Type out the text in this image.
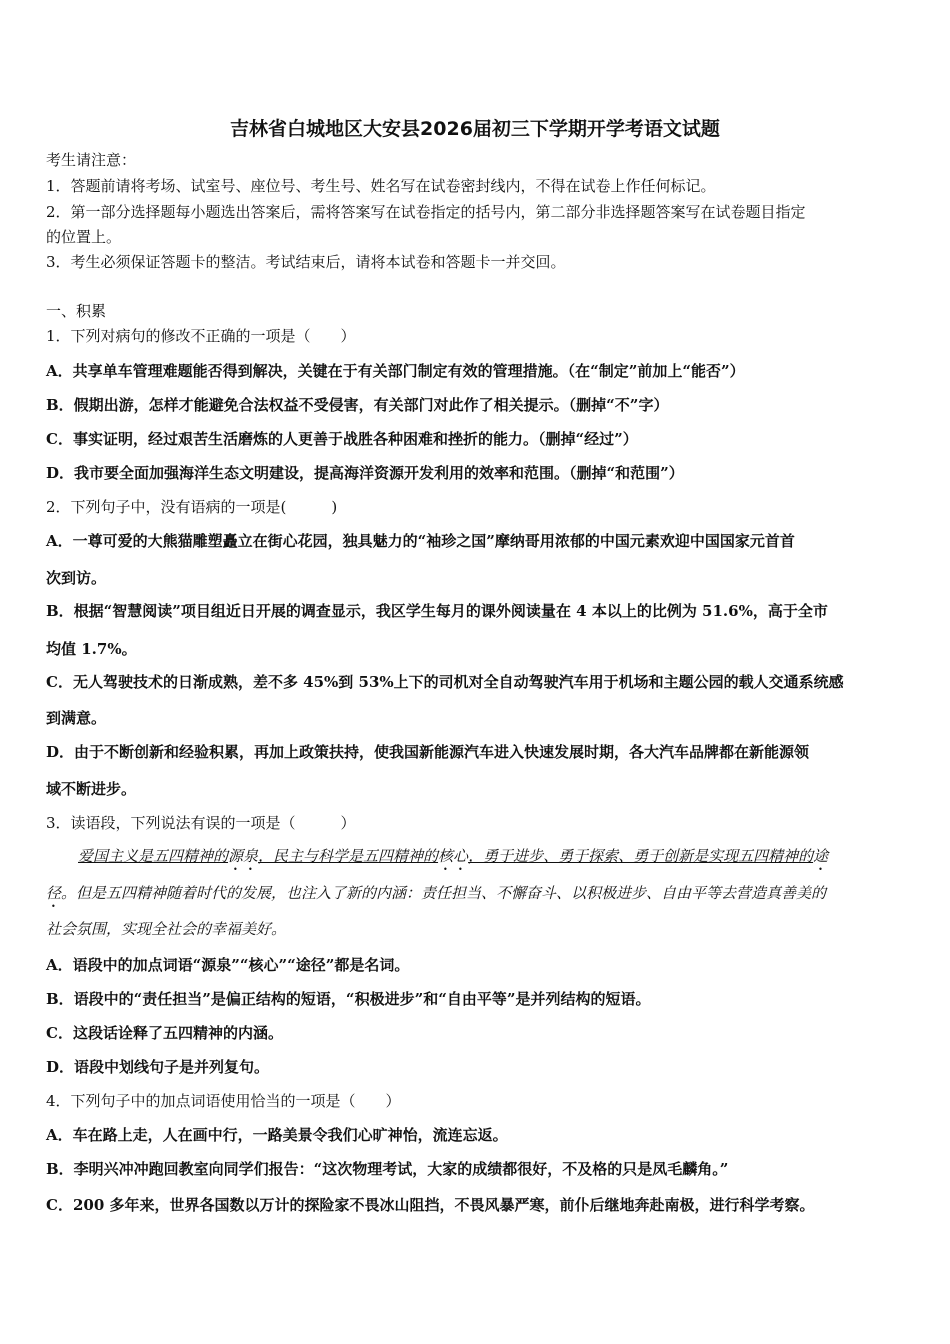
吉林省白城地区大安县2026届初三下学期开学考语文试题
考生请注意：
1．答题前请将考场、试室号、座位号、考生号、姓名写在试卷密封线内，不得在试卷上作任何标记。
2．第一部分选择题每小题选出答案后，需将答案写在试卷指定的括号内，第二部分非选择题答案写在试卷题目指定
的位置上。
3．考生必须保证答题卡的整洁。考试结束后，请将本试卷和答题卡一并交回。
一、积累
1．下列对病句的修改不正确的一项是（　　）
A．共享单车管理难题能否得到解决，关键在于有关部门制定有效的管理措施。（在“制定”前加上“能否”）
B．假期出游，怎样才能避免合法权益不受侵害，有关部门对此作了相关提示。（删掉“不”字）
C．事实证明，经过艰苦生活磨炼的人更善于战胜各种困难和挫折的能力。（删掉“经过”）
D．我市要全面加强海洋生态文明建设，提高海洋资源开发利用的效率和范围。（删掉“和范围”）
2．下列句子中，没有语病的一项是(　　　)
A．一尊可爱的大熊猫雕塑矗立在街心花园，独具魅力的“袖珍之国”摩纳哥用浓郁的中国元素欢迎中国国家元首首
次到访。
B．根据“智慧阅读”项目组近日开展的调查显示，我区学生每月的课外阅读量在 4 本以上的比例为 51.6%，高于全市
均值 1.7%。
C．无人驾驶技术的日渐成熟，差不多 45%到 53%上下的司机对全自动驾驶汽车用于机场和主题公园的载人交通系统感
到满意。
D．由于不断创新和经验积累，再加上政策扶持，使我国新能源汽车进入快速发展时期，各大汽车品牌都在新能源领
域不断进步。
3．读语段，下列说法有误的一项是（　　　）
爱国主义是五四精神的源泉，民主与科学是五四精神的核心，勇于进步、勇于探索、勇于创新是实现五四精神的途
径。但是五四精神随着时代的发展，也注入了新的内涵：责任担当、不懈奋斗、以积极进步、自由平等去营造真善美的
社会氛围，实现全社会的幸福美好。
A．语段中的加点词语“源泉”“核心”“途径”都是名词。
B．语段中的“责任担当”是偏正结构的短语，“积极进步”和“自由平等”是并列结构的短语。
C．这段话诠释了五四精神的内涵。
D．语段中划线句子是并列复句。
4．下列句子中的加点词语使用恰当的一项是（　　）
A．车在路上走，人在画中行，一路美景令我们心旷神怡，流连忘返。
B．李明兴冲冲跑回教室向同学们报告：“这次物理考试，大家的成绩都很好，不及格的只是凤毛麟角。”
C．200 多年来，世界各国数以万计的探险家不畏冰山阻挡，不畏风暴严寒，前仆后继地奔赴南极，进行科学考察。
